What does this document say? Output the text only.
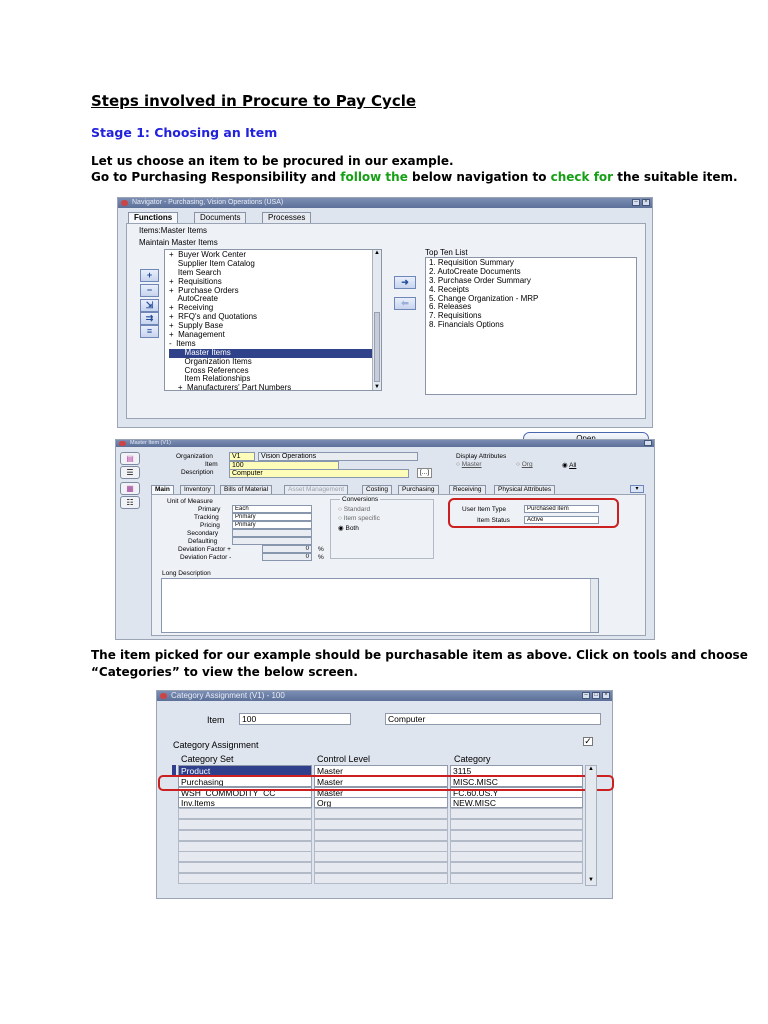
Steps involved in Procure to Pay Cycle
Stage 1: Choosing an Item
Let us choose an item to be procured in our example.
Go to Purchasing Responsibility and follow the below navigation to check for the suitable item.
Navigator - Purchasing, Vision Operations (USA)	–	×
Functions	Documents	Processes
Items:Master Items
Maintain Master Items
+
−
⇲
⇉
≡
+  Buyer Work Center
Supplier Item Catalog
Item Search
+  Requisitions
+  Purchase Orders
AutoCreate
+  Receiving
+  RFQ's and Quotations
+  Supply Base
+  Management
-  Items
Master Items
Organization Items
Cross References
Item Relationships
+  Manufacturers' Part Numbers
▲
▼
➜
⬅
Top Ten List
1. Requisition Summary
2. AutoCreate Documents
3. Purchase Order Summary
4. Receipts
5. Change Organization - MRP
6. Releases
7. Requisitions
8. Financials Options
Master Item (V1)
▤
☰
▦
☷
Organization	V1	Vision Operations
Item	100
Description	Computer	[...]
Display Attributes
○ Master	○ Org	◉ All
Main	Inventory	Bills of Material	Asset Management	Costing	Purchasing	Receiving	Physical Attributes	▾
Unit of Measure
Primary	Each
Tracking	Primary
Pricing	Primary
Secondary
Defaulting
Deviation Factor +	0	%
Deviation Factor -	0	%
Conversions
○ Standard
○ Item specific
◉ Both
User Item Type	Purchased item
Item Status	Active
Long Description
The item picked for our example should be purchasable item as above. Click on tools and choose
“Categories” to view the below screen.
Category Assignment (V1) - 100	–	□	×
Item	100	Computer
Category Assignment	✓
Category Set	Control Level	Category
Product	Master	3115
Purchasing	Master	MISC.MISC
WSH_COMMODITY_CC	Master	FC.60.US.Y
Inv.Items	Org	NEW.MISC
▲
▼
